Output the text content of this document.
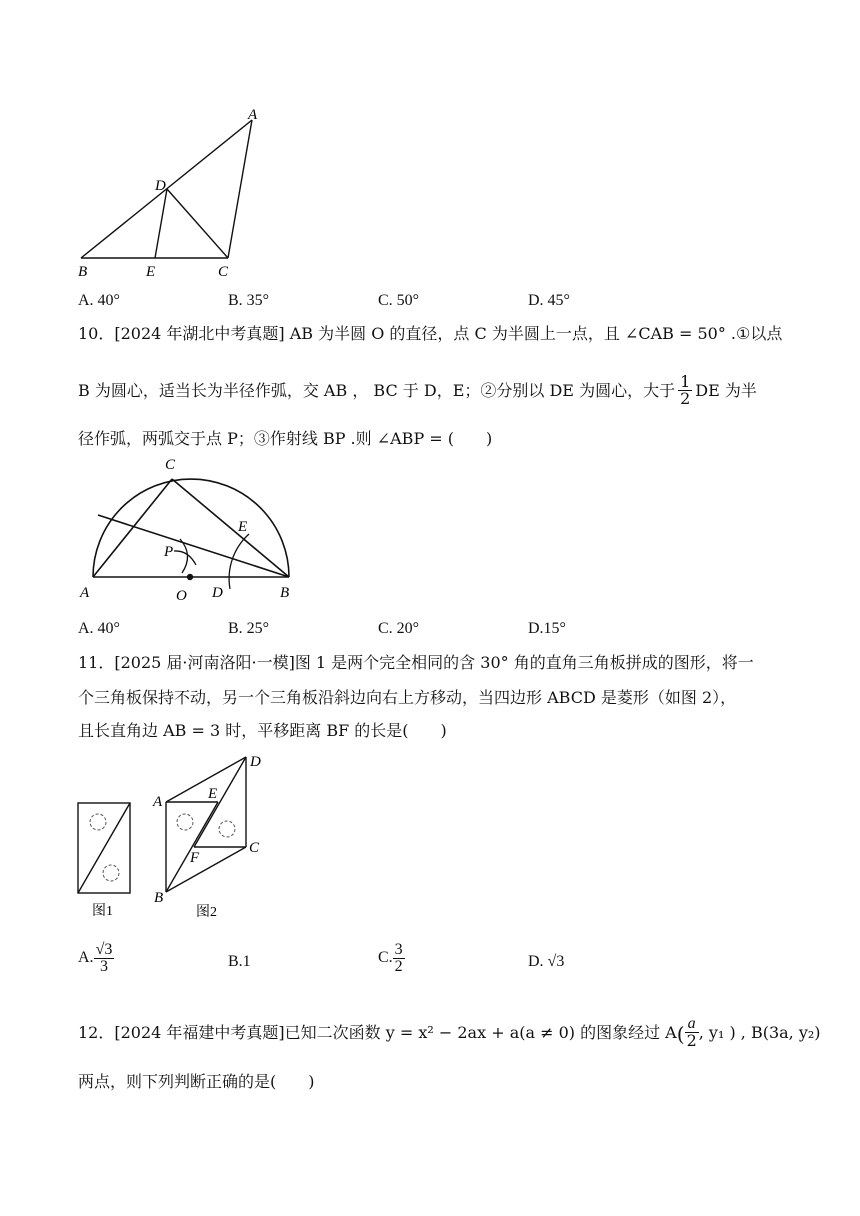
A
D
B	E	C
A. 40°	B. 35°	C. 50°	D. 45°
10．[2024 年湖北中考真题] AB 为半圆 O 的直径，点 C 为半圆上一点，且 ∠CAB = 50° .①以点
B 为圆心，适当长为半径作弧，交 AB ， BC 于 D，E；②分别以 DE 为圆心，大于 $\frac{1}{2}$ DE 为半
径作弧，两弧交于点 P；③作射线 BP .则 ∠ABP = (　　)
C
E
P
A	O D	B
A. 40°	B. 25°	C. 20°	D.15°
11．[2025 届·河南洛阳·一模]图 1 是两个完全相同的含 30° 角的直角三角板拼成的图形，将一
个三角板保持不动，另一个三角板沿斜边向右上方移动，当四边形 ABCD 是菱形（如图 2），
且长直角边 AB = 3 时，平移距离 BF 的长是(　　)
图1
D
A	E
C
F
B
图2
A. $\frac{√3}{3}$	B.1	C. $\frac{3}{2}$	D. √3
12．[2024 年福建中考真题]已知二次函数 y = x² − 2ax + a(a ≠ 0) 的图象经过 $A( \frac{a}{2}$ , y₁ ) , B(3a, y₂)
两点，则下列判断正确的是(　　)
